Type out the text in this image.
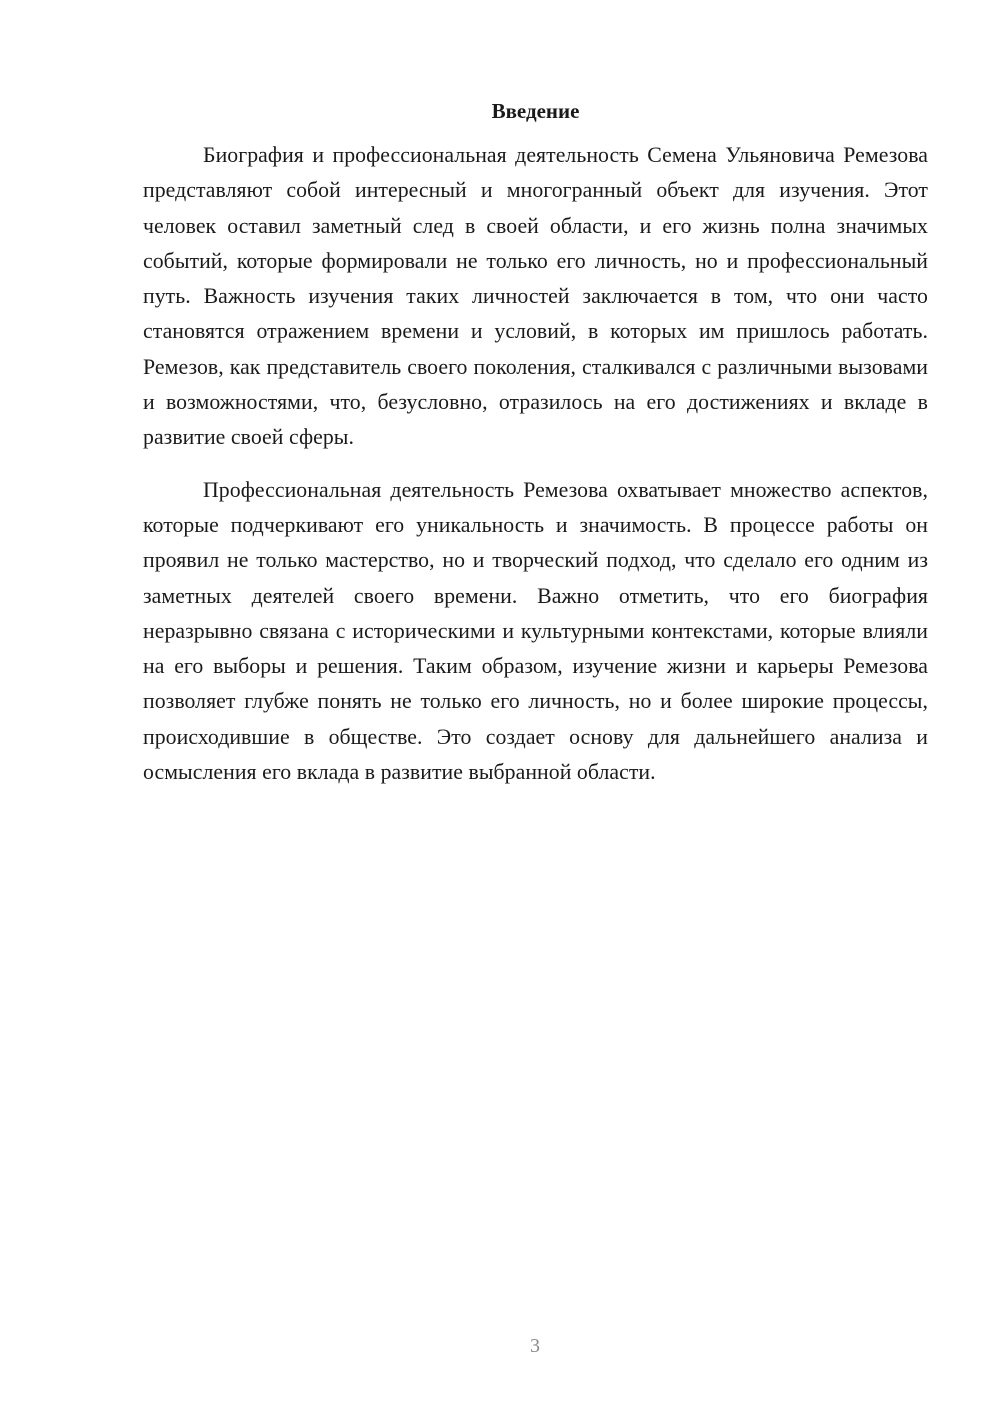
Введение

Биография и профессиональная деятельность Семена Ульяновича Ремезова представляют собой интересный и многогранный объект для изучения. Этот человек оставил заметный след в своей области, и его жизнь полна значимых событий, которые формировали не только его личность, но и профессиональный путь. Важность изучения таких личностей заключается в том, что они часто становятся отражением времени и условий, в которых им пришлось работать. Ремезов, как представитель своего поколения, сталкивался с различными вызовами и возможностями, что, безусловно, отразилось на его достижениях и вкладе в развитие своей сферы.

Профессиональная деятельность Ремезова охватывает множество аспектов, которые подчеркивают его уникальность и значимость. В процессе работы он проявил не только мастерство, но и творческий подход, что сделало его одним из заметных деятелей своего времени. Важно отметить, что его биография неразрывно связана с историческими и культурными контекстами, которые влияли на его выборы и решения. Таким образом, изучение жизни и карьеры Ремезова позволяет глубже понять не только его личность, но и более широкие процессы, происходившие в обществе. Это создает основу для дальнейшего анализа и осмысления его вклада в развитие выбранной области.

3
